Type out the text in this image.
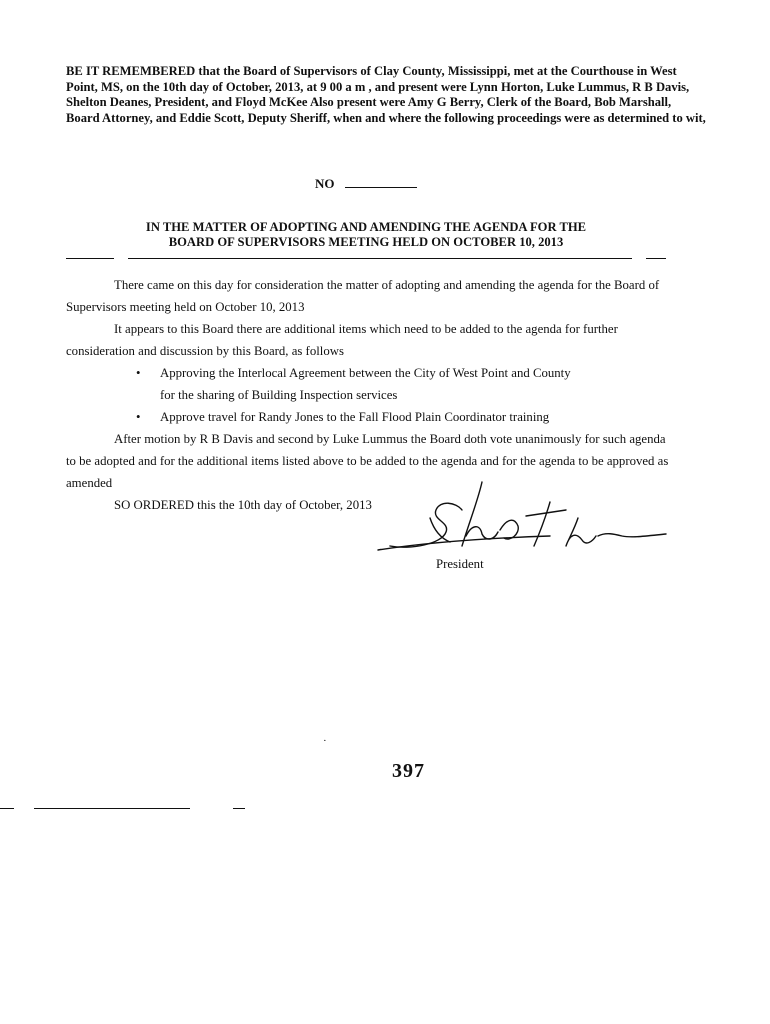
BE IT REMEMBERED that the Board of Supervisors of Clay County, Mississippi, met at the Courthouse in West Point, MS, on the 10th day of October, 2013, at 9 00 a m , and present were Lynn Horton, Luke Lummus, R B Davis, Shelton Deanes, President, and Floyd McKee Also present were Amy G Berry, Clerk of the Board, Bob Marshall, Board Attorney, and Eddie Scott, Deputy Sheriff, when and where the following proceedings were as determined to wit,
NO
IN THE MATTER OF ADOPTING AND AMENDING THE AGENDA FOR THE
BOARD OF SUPERVISORS MEETING HELD ON OCTOBER 10, 2013
There came on this day for consideration the matter of adopting and amending the agenda for the Board of Supervisors meeting held on October 10, 2013
It appears to this Board there are additional items which need to be added to the agenda for further consideration and discussion by this Board, as follows
• Approving the Interlocal Agreement between the City of West Point and County
for the sharing of Building Inspection services
• Approve travel for Randy Jones to the Fall Flood Plain Coordinator training
After motion by R B Davis and second by Luke Lummus the Board doth vote unanimously for such agenda to be adopted and for the additional items listed above to be added to the agenda and for the agenda to be approved as amended
SO ORDERED this the 10th day of October, 2013
President
·
397
